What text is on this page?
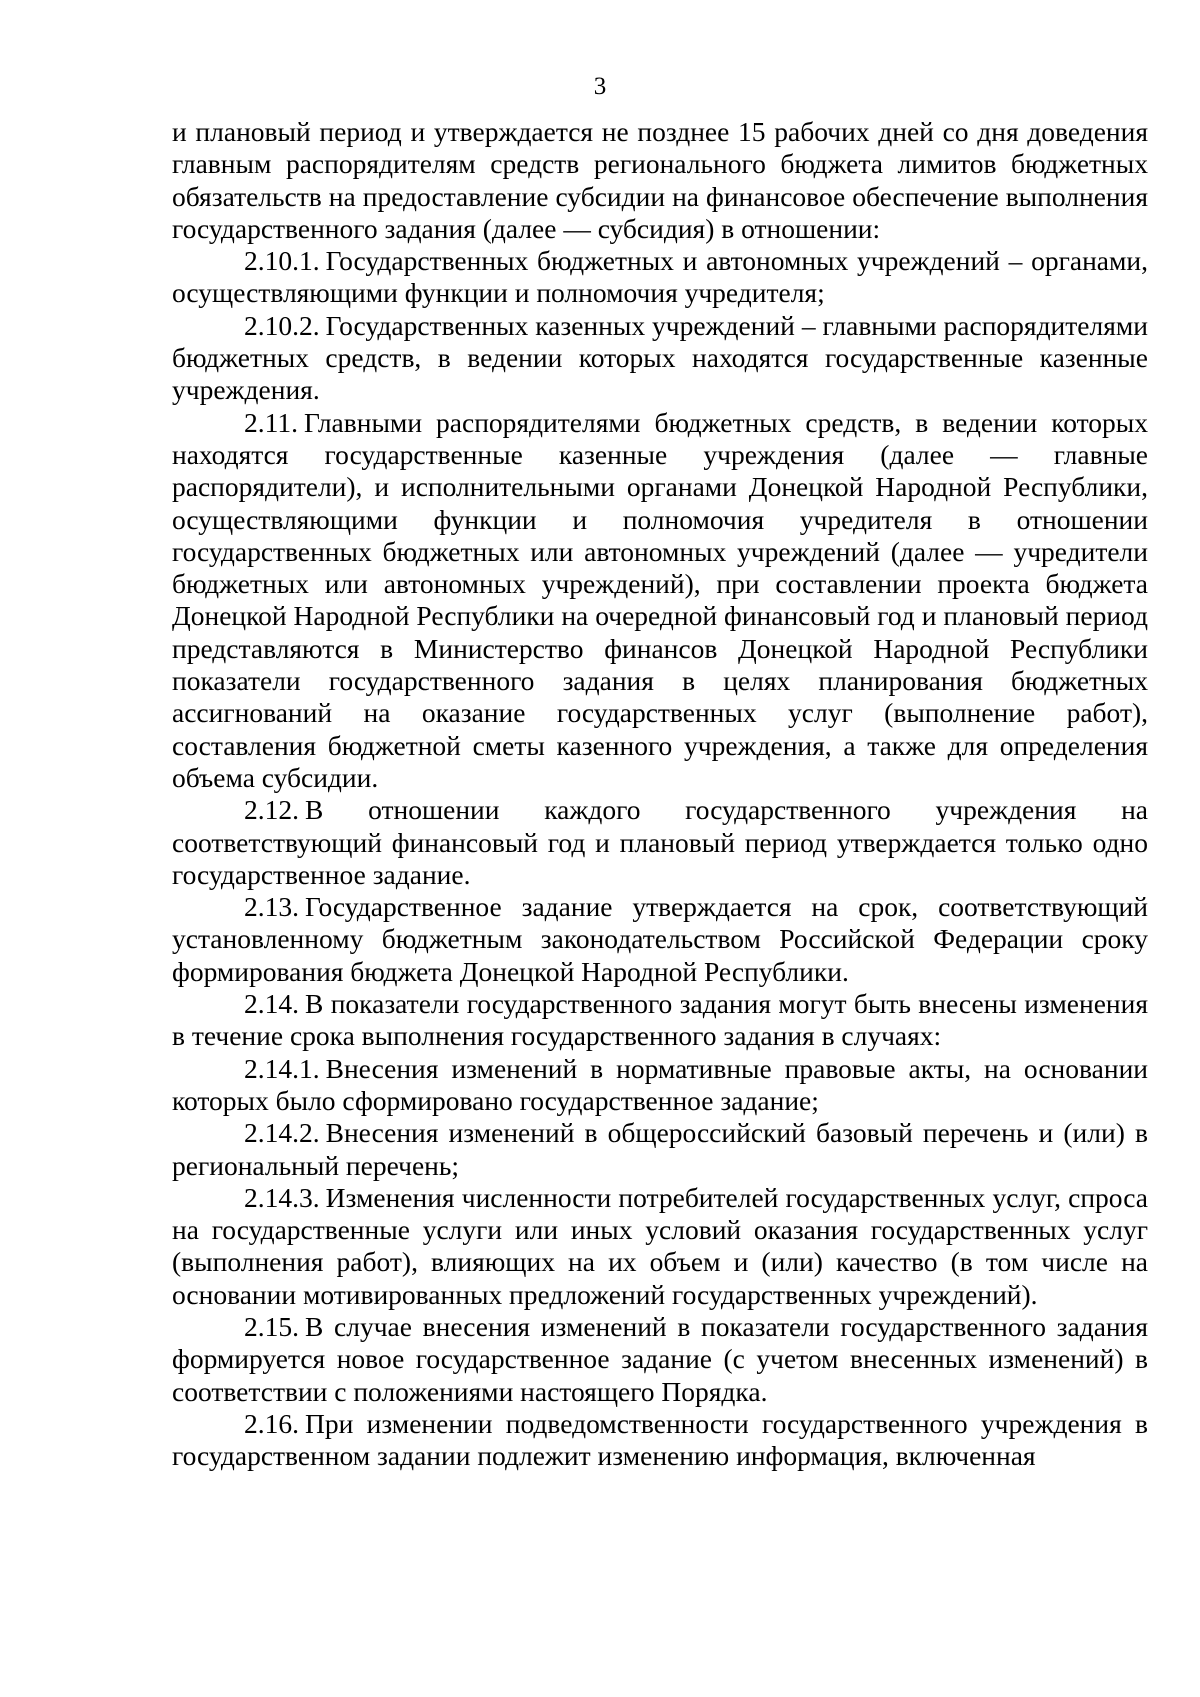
3

и плановый период и утверждается не позднее 15 рабочих дней со дня доведения главным распорядителям средств регионального бюджета лимитов бюджетных обязательств на предоставление субсидии на финансовое обеспечение выполнения государственного задания (далее — субсидия) в отношении:

2.10.1. Государственных бюджетных и автономных учреждений – органами, осуществляющими функции и полномочия учредителя;

2.10.2. Государственных казенных учреждений – главными распорядителями бюджетных средств, в ведении которых находятся государственные казенные учреждения.

2.11. Главными распорядителями бюджетных средств, в ведении которых находятся государственные казенные учреждения (далее — главные распорядители), и исполнительными органами Донецкой Народной Республики, осуществляющими функции и полномочия учредителя в отношении государственных бюджетных или автономных учреждений (далее — учредители бюджетных или автономных учреждений), при составлении проекта бюджета Донецкой Народной Республики на очередной финансовый год и плановый период представляются в Министерство финансов Донецкой Народной Республики показатели государственного задания в целях планирования бюджетных ассигнований на оказание государственных услуг (выполнение работ), составления бюджетной сметы казенного учреждения, а также для определения объема субсидии.

2.12. В отношении каждого государственного учреждения на соответствующий финансовый год и плановый период утверждается только одно государственное задание.

2.13. Государственное задание утверждается на срок, соответствующий установленному бюджетным законодательством Российской Федерации сроку формирования бюджета Донецкой Народной Республики.

2.14. В показатели государственного задания могут быть внесены изменения в течение срока выполнения государственного задания в случаях:

2.14.1. Внесения изменений в нормативные правовые акты, на основании которых было сформировано государственное задание;

2.14.2. Внесения изменений в общероссийский базовый перечень и (или) в региональный перечень;

2.14.3. Изменения численности потребителей государственных услуг, спроса на государственные услуги или иных условий оказания государственных услуг (выполнения работ), влияющих на их объем и (или) качество (в том числе на основании мотивированных предложений государственных учреждений).

2.15. В случае внесения изменений в показатели государственного задания формируется новое государственное задание (с учетом внесенных изменений) в соответствии с положениями настоящего Порядка.

2.16. При изменении подведомственности государственного учреждения в государственном задании подлежит изменению информация, включенная
